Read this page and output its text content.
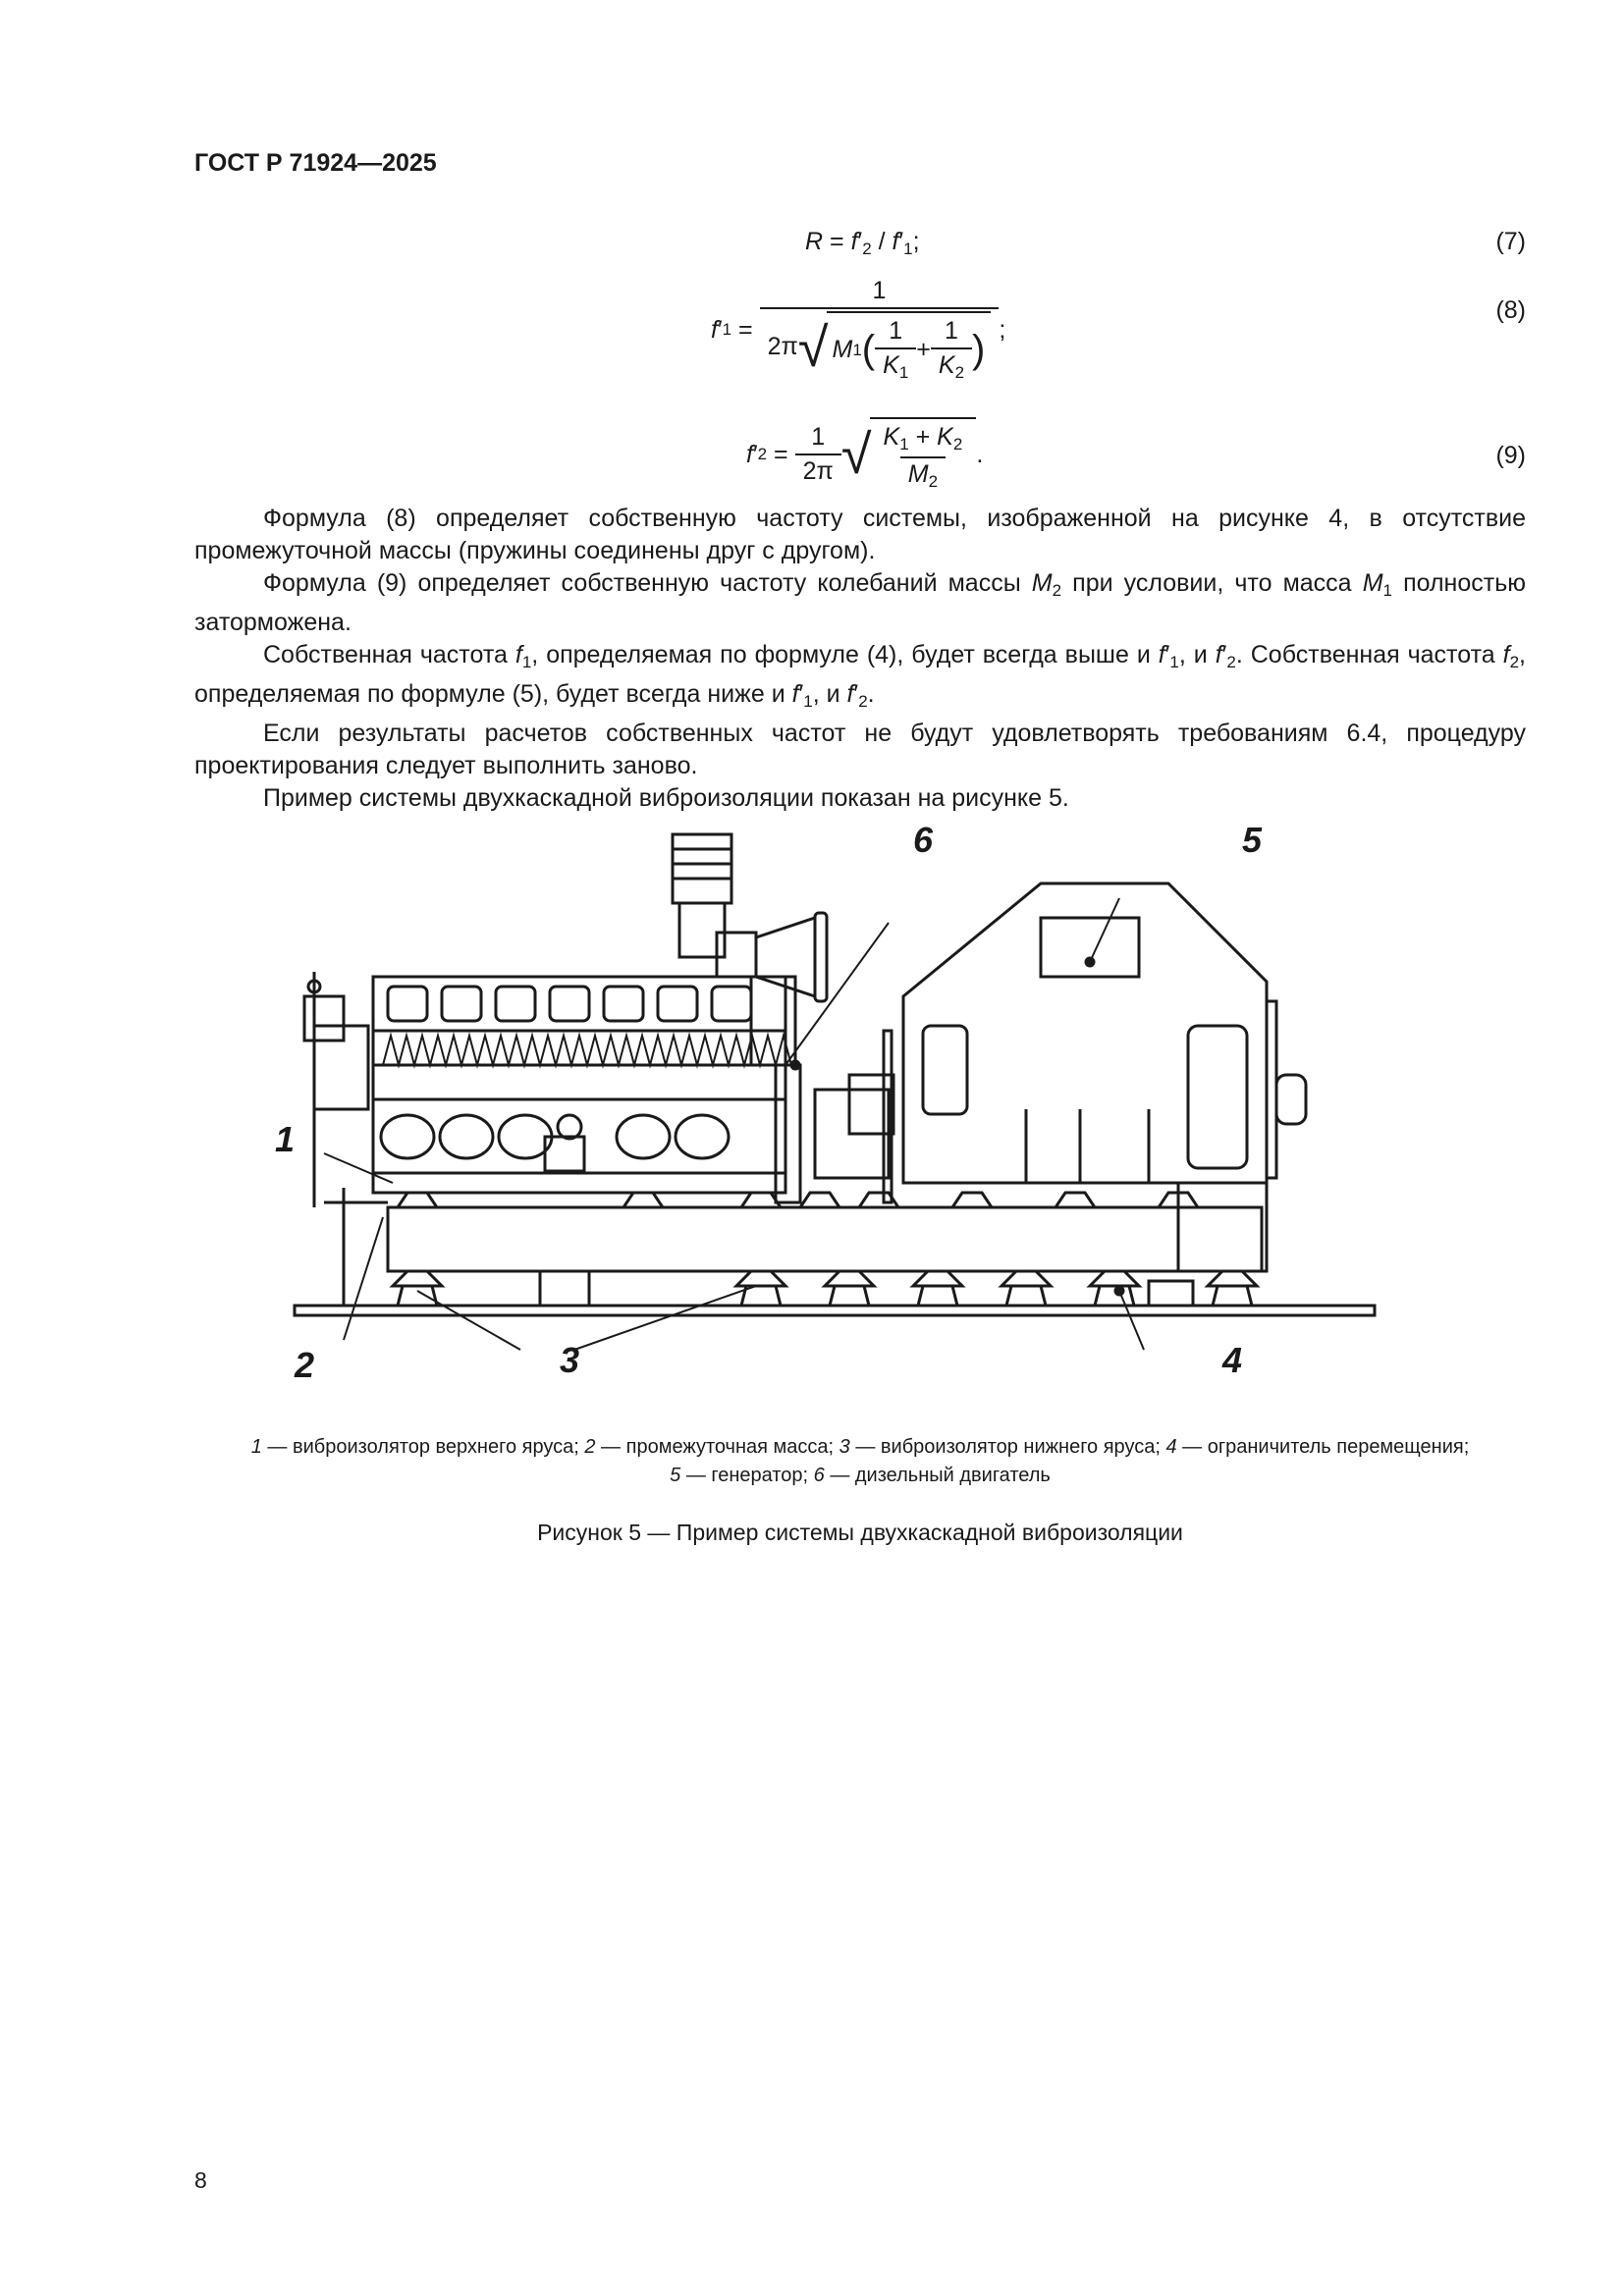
ГОСТ Р 71924—2025
$R = f'_2 / f'_1$;	(7)
f ′ 1 =
1
2π √ M 1 ( $\frac{1}{K_1} + \frac{1}{K_2}$ ) ;
(8)
f ′ $2 = \frac{1}{2\pi}$ √ $\frac{K_1 + K_2}{M_2}$ .	(9)

Формула (8) определяет собственную частоту системы, изображенной на рисунке 4, в отсутствие промежуточной массы (пружины соединены друг с другом).

Формула (9) определяет собственную частоту колебаний массы $M_2$ при условии, что масса $M_1$ полностью заторможена.

Собственная частота $f_1$, определяемая по формуле (4), будет всегда выше и $f'_1$, и $f'_2$. Собственная частота $f_2$, определяемая по формуле (5), будет всегда ниже и $f'_1$, и $f'_2$.

Если результаты расчетов собственных частот не будут удовлетворять требованиям 6.4, процедуру проектирования следует выполнить заново.

Пример системы двухкаскадной виброизоляции показан на рисунке 5.

1
2	3	4
5
6
1 — виброизолятор верхнего яруса; 2 — промежуточная масса; 3 — виброизолятор нижнего яруса; 4 — ограничитель перемещения;
5 — генератор; 6 — дизельный двигатель
Рисунок 5 — Пример системы двухкаскадной виброизоляции
8
